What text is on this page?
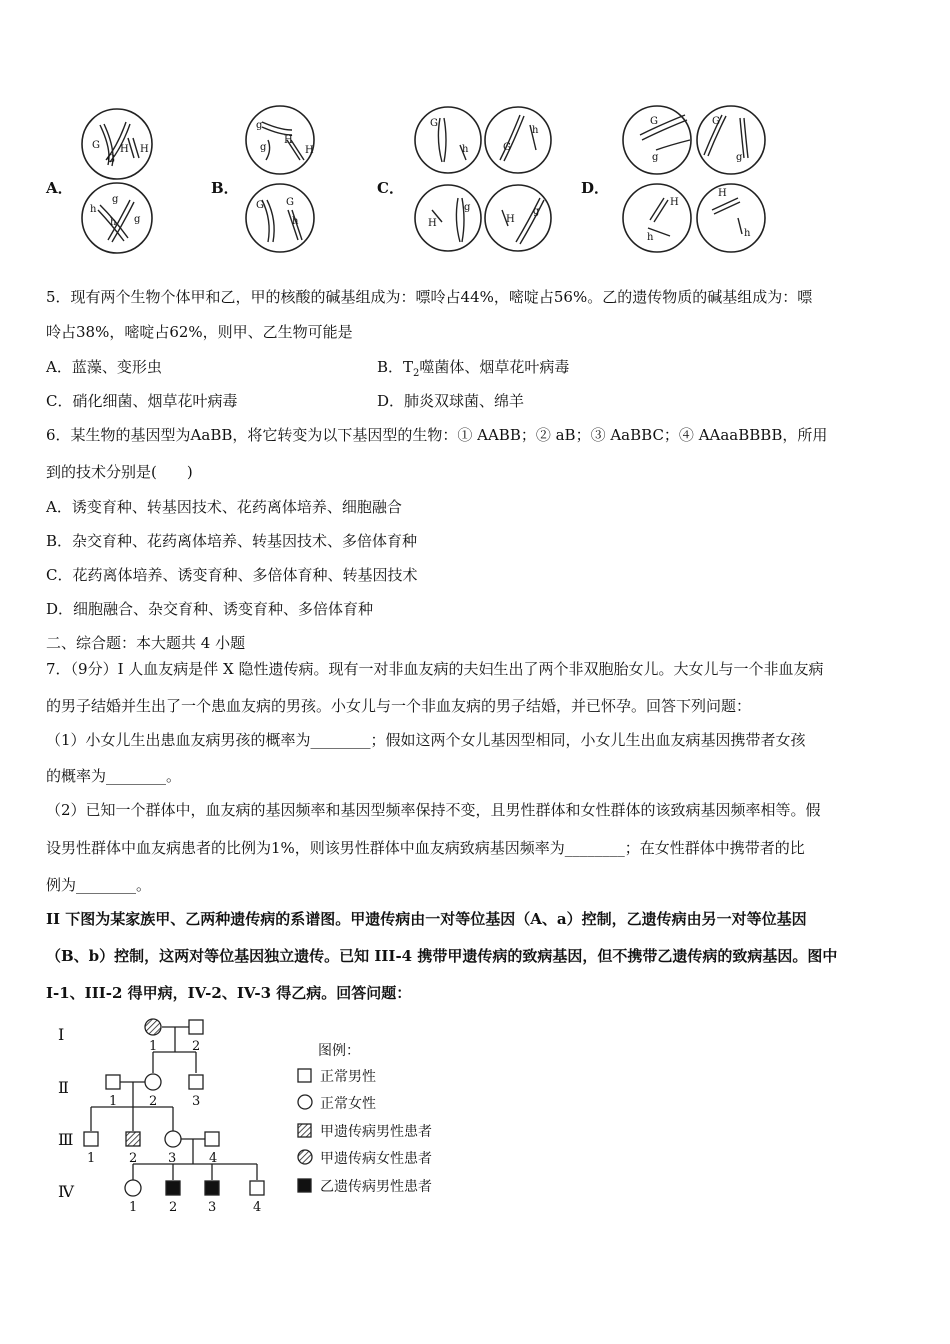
A．	B．	C．	D．
G
G
H H
h
h g
g
g
g
H
H
G G
h
G
h	G
h
H
g
H
g
G
g
G
g
H
h
H
h
5．现有两个生物个体甲和乙，甲的核酸的碱基组成为：嘌呤占44%，嘧啶占56%。乙的遗传物质的碱基组成为：嘌
呤占38%，嘧啶占62%，则甲、乙生物可能是
A．蓝藻、变形虫	B．$T_2$噬菌体、烟草花叶病毒
C．硝化细菌、烟草花叶病毒	D．肺炎双球菌、绵羊
6．某生物的基因型为AaBB，将它转变为以下基因型的生物：① AABB；② aB；③ AaBBC；④ AAaaBBBB，所用
到的技术分别是(　　)
A．诱变育种、转基因技术、花药离体培养、细胞融合
B．杂交育种、花药离体培养、转基因技术、多倍体育种
C．花药离体培养、诱变育种、多倍体育种、转基因技术
D．细胞融合、杂交育种、诱变育种、多倍体育种
二、综合题：本大题共 4 小题
7．（9分）I 人血友病是伴 X 隐性遗传病。现有一对非血友病的夫妇生出了两个非双胞胎女儿。大女儿与一个非血友病
的男子结婚并生出了一个患血友病的男孩。小女儿与一个非血友病的男子结婚，并已怀孕。回答下列问题：
（1）小女儿生出患血友病男孩的概率为________；假如这两个女儿基因型相同，小女儿生出血友病基因携带者女孩
的概率为________。
（2）已知一个群体中，血友病的基因频率和基因型频率保持不变，且男性群体和女性群体的该致病基因频率相等。假
设男性群体中血友病患者的比例为1%，则该男性群体中血友病致病基因频率为________；在女性群体中携带者的比
例为________。
II 下图为某家族甲、乙两种遗传病的系谱图。甲遗传病由一对等位基因（A、a）控制，乙遗传病由另一对等位基因
（B、b）控制，这两对等位基因独立遗传。已知 III-4 携带甲遗传病的致病基因，但不携带乙遗传病的致病基因。图中
I-1、III-2 得甲病，IV-2、IV-3 得乙病。回答问题：
Ⅰ
Ⅱ
Ⅲ
Ⅳ
1	2
1 2	3
1	2 3	4
1 2 3	4
图例：
正常男性
正常女性
甲遗传病男性患者
甲遗传病女性患者
乙遗传病男性患者
